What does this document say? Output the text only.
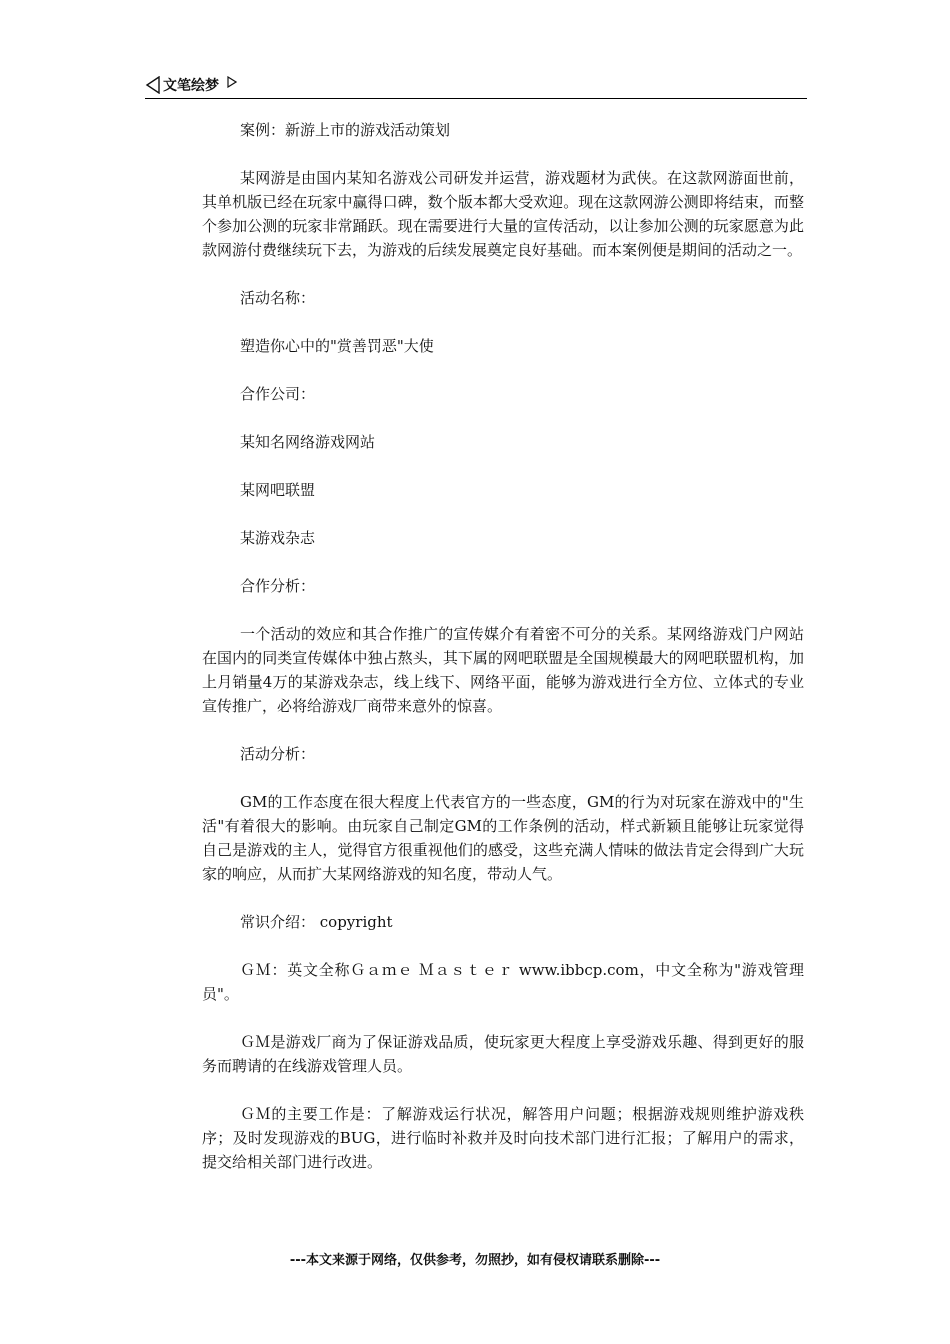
文笔绘梦

案例：新游上市的游戏活动策划

某网游是由国内某知名游戏公司研发并运营，游戏题材为武侠。在这款网游面世前，其单机版已经在玩家中赢得口碑，数个版本都大受欢迎。现在这款网游公测即将结束，而整个参加公测的玩家非常踊跃。现在需要进行大量的宣传活动，以让参加公测的玩家愿意为此款网游付费继续玩下去，为游戏的后续发展奠定良好基础。而本案例便是期间的活动之一。

活动名称：

塑造你心中的"赏善罚恶"大使

合作公司：

某知名网络游戏网站

某网吧联盟

某游戏杂志

合作分析：

一个活动的效应和其合作推广的宣传媒介有着密不可分的关系。某网络游戏门户网站在国内的同类宣传媒体中独占熬头，其下属的网吧联盟是全国规模最大的网吧联盟机构，加上月销量4万的某游戏杂志，线上线下、网络平面，能够为游戏进行全方位、立体式的专业宣传推广，必将给游戏厂商带来意外的惊喜。

活动分析：

GM的工作态度在很大程度上代表官方的一些态度，GM的行为对玩家在游戏中的"生活"有着很大的影响。由玩家自己制定GM的工作条例的活动，样式新颖且能够让玩家觉得自己是游戏的主人，觉得官方很重视他们的感受，这些充满人情味的做法肯定会得到广大玩家的响应，从而扩大某网络游戏的知名度，带动人气。

常识介绍： copyright

ＧＭ：英文全称Ｇａｍｅ Ｍａｓｔｅｒ www.ibbcp.com，中文全称为"游戏管理员"。

ＧＭ是游戏厂商为了保证游戏品质，使玩家更大程度上享受游戏乐趣、得到更好的服务而聘请的在线游戏管理人员。

ＧＭ的主要工作是：了解游戏运行状况，解答用户问题；根据游戏规则维护游戏秩序；及时发现游戏的BUG，进行临时补救并及时向技术部门进行汇报；了解用户的需求，提交给相关部门进行改进。

---本文来源于网络，仅供参考，勿照抄，如有侵权请联系删除---
